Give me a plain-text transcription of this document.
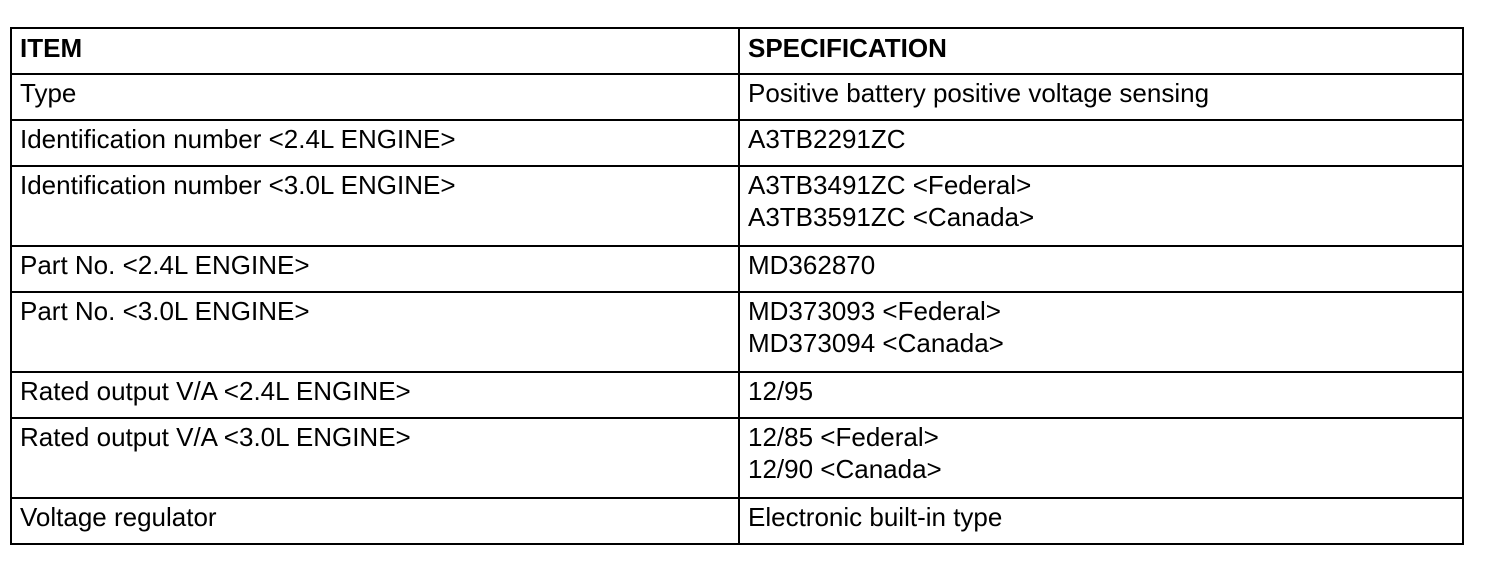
ITEM	SPECIFICATION
Type	Positive battery positive voltage sensing

Identification number <2.4L ENGINE>	A3TB2291ZC

Identification number <3.0L ENGINE>	A3TB3491ZC <Federal>
A3TB3591ZC <Canada>

Part No. <2.4L ENGINE>	MD362870

Part No. <3.0L ENGINE>	MD373093 <Federal>
MD373094 <Canada>

Rated output V/A <2.4L ENGINE>	12/95

Rated output V/A <3.0L ENGINE>	12/85 <Federal>
12/90 <Canada>

Voltage regulator	Electronic built-in type
